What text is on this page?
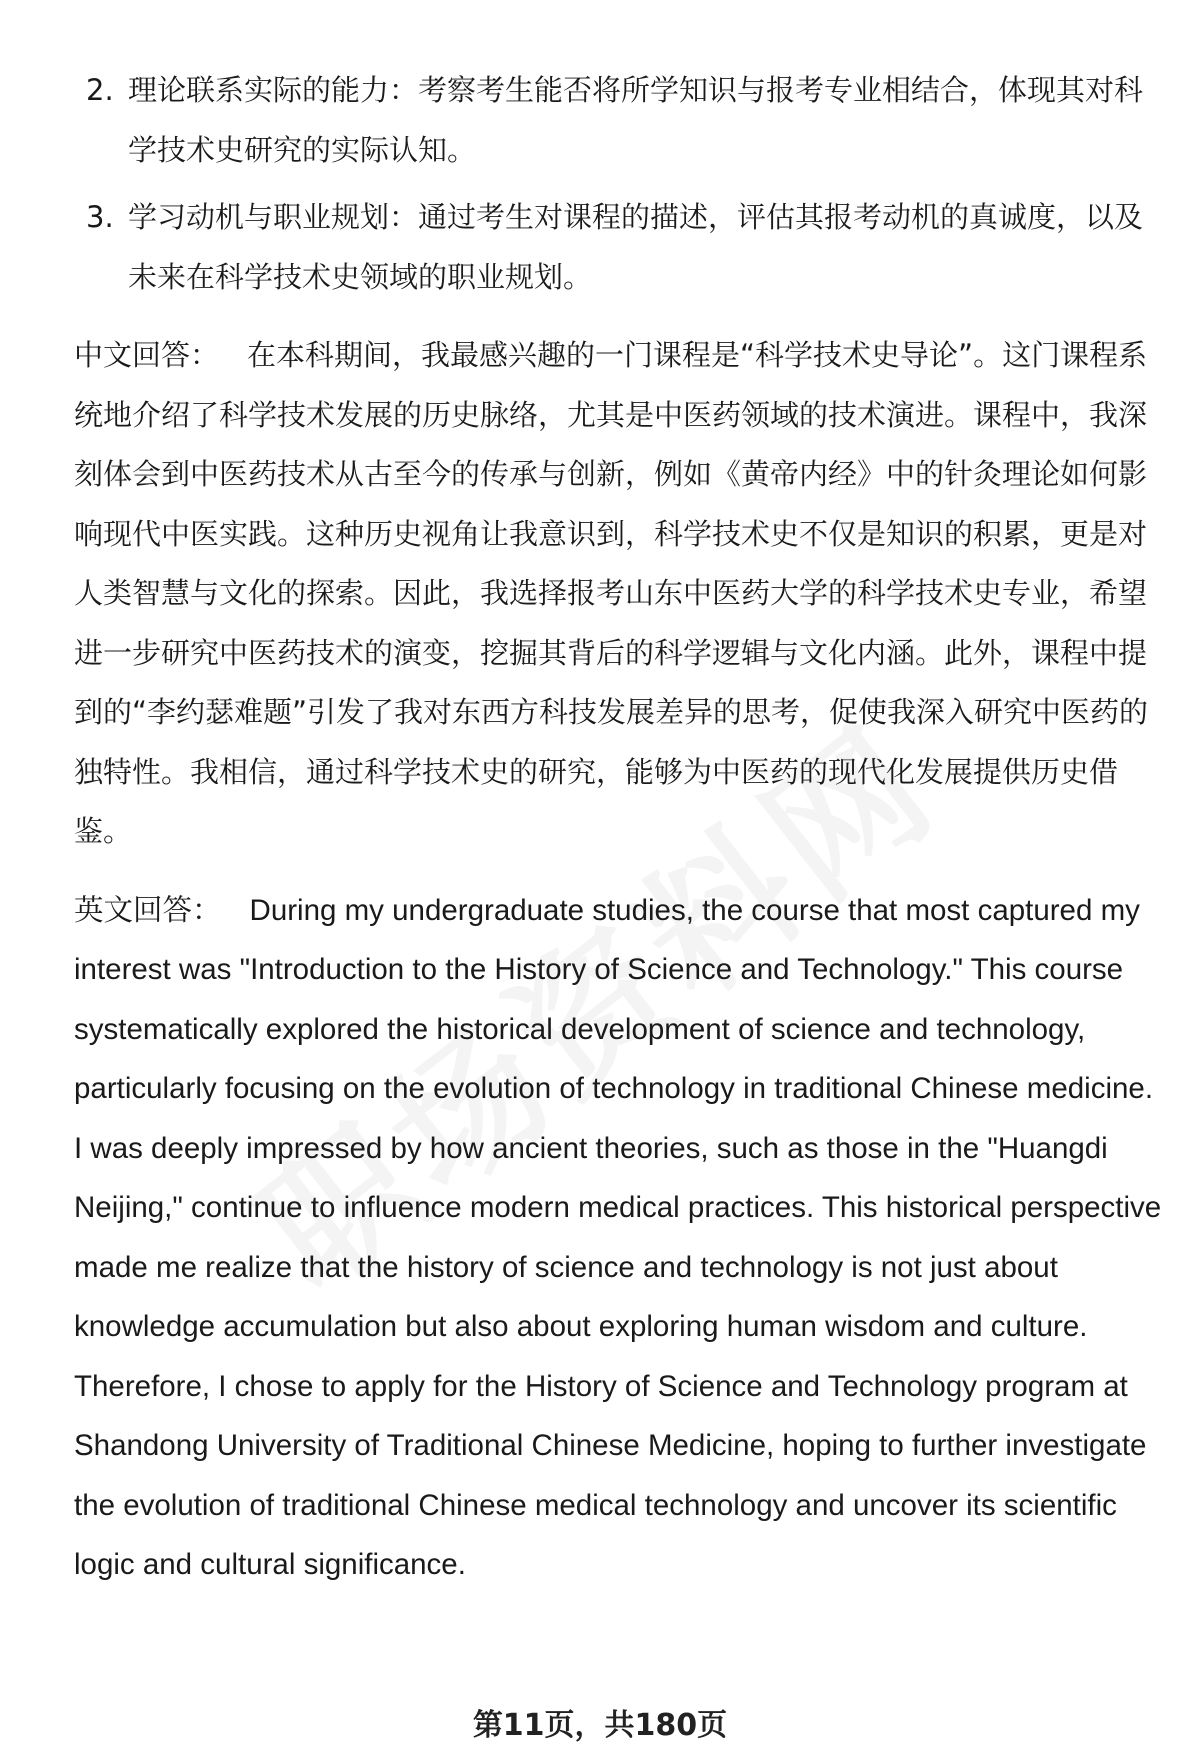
2. 理论联系实际的能力：考察考生能否将所学知识与报考专业相结合，体现其对科学技术史研究的实际认知。
3. 学习动机与职业规划：通过考生对课程的描述，评估其报考动机的真诚度，以及未来在科学技术史领域的职业规划。

中文回答： 在本科期间，我最感兴趣的一门课程是“科学技术史导论”。这门课程系统地介绍了科学技术发展的历史脉络，尤其是中医药领域的技术演进。课程中，我深刻体会到中医药技术从古至今的传承与创新，例如《黄帝内经》中的针灸理论如何影响现代中医实践。这种历史视角让我意识到，科学技术史不仅是知识的积累，更是对人类智慧与文化的探索。因此，我选择报考山东中医药大学的科学技术史专业，希望进一步研究中医药技术的演变，挖掘其背后的科学逻辑与文化内涵。此外，课程中提到的“李约瑟难题”引发了我对东西方科技发展差异的思考，促使我深入研究中医药的独特性。我相信，通过科学技术史的研究，能够为中医药的现代化发展提供历史借鉴。

英文回答： During my undergraduate studies, the course that most captured my interest was "Introduction to the History of Science and Technology." This course systematically explored the historical development of science and technology, particularly focusing on the evolution of technology in traditional Chinese medicine. I was deeply impressed by how ancient theories, such as those in the "Huangdi Neijing," continue to influence modern medical practices. This historical perspective made me realize that the history of science and technology is not just about knowledge accumulation but also about exploring human wisdom and culture. Therefore, I chose to apply for the History of Science and Technology program at Shandong University of Traditional Chinese Medicine, hoping to further investigate the evolution of traditional Chinese medical technology and uncover its scientific logic and cultural significance.

第11页，共180页
